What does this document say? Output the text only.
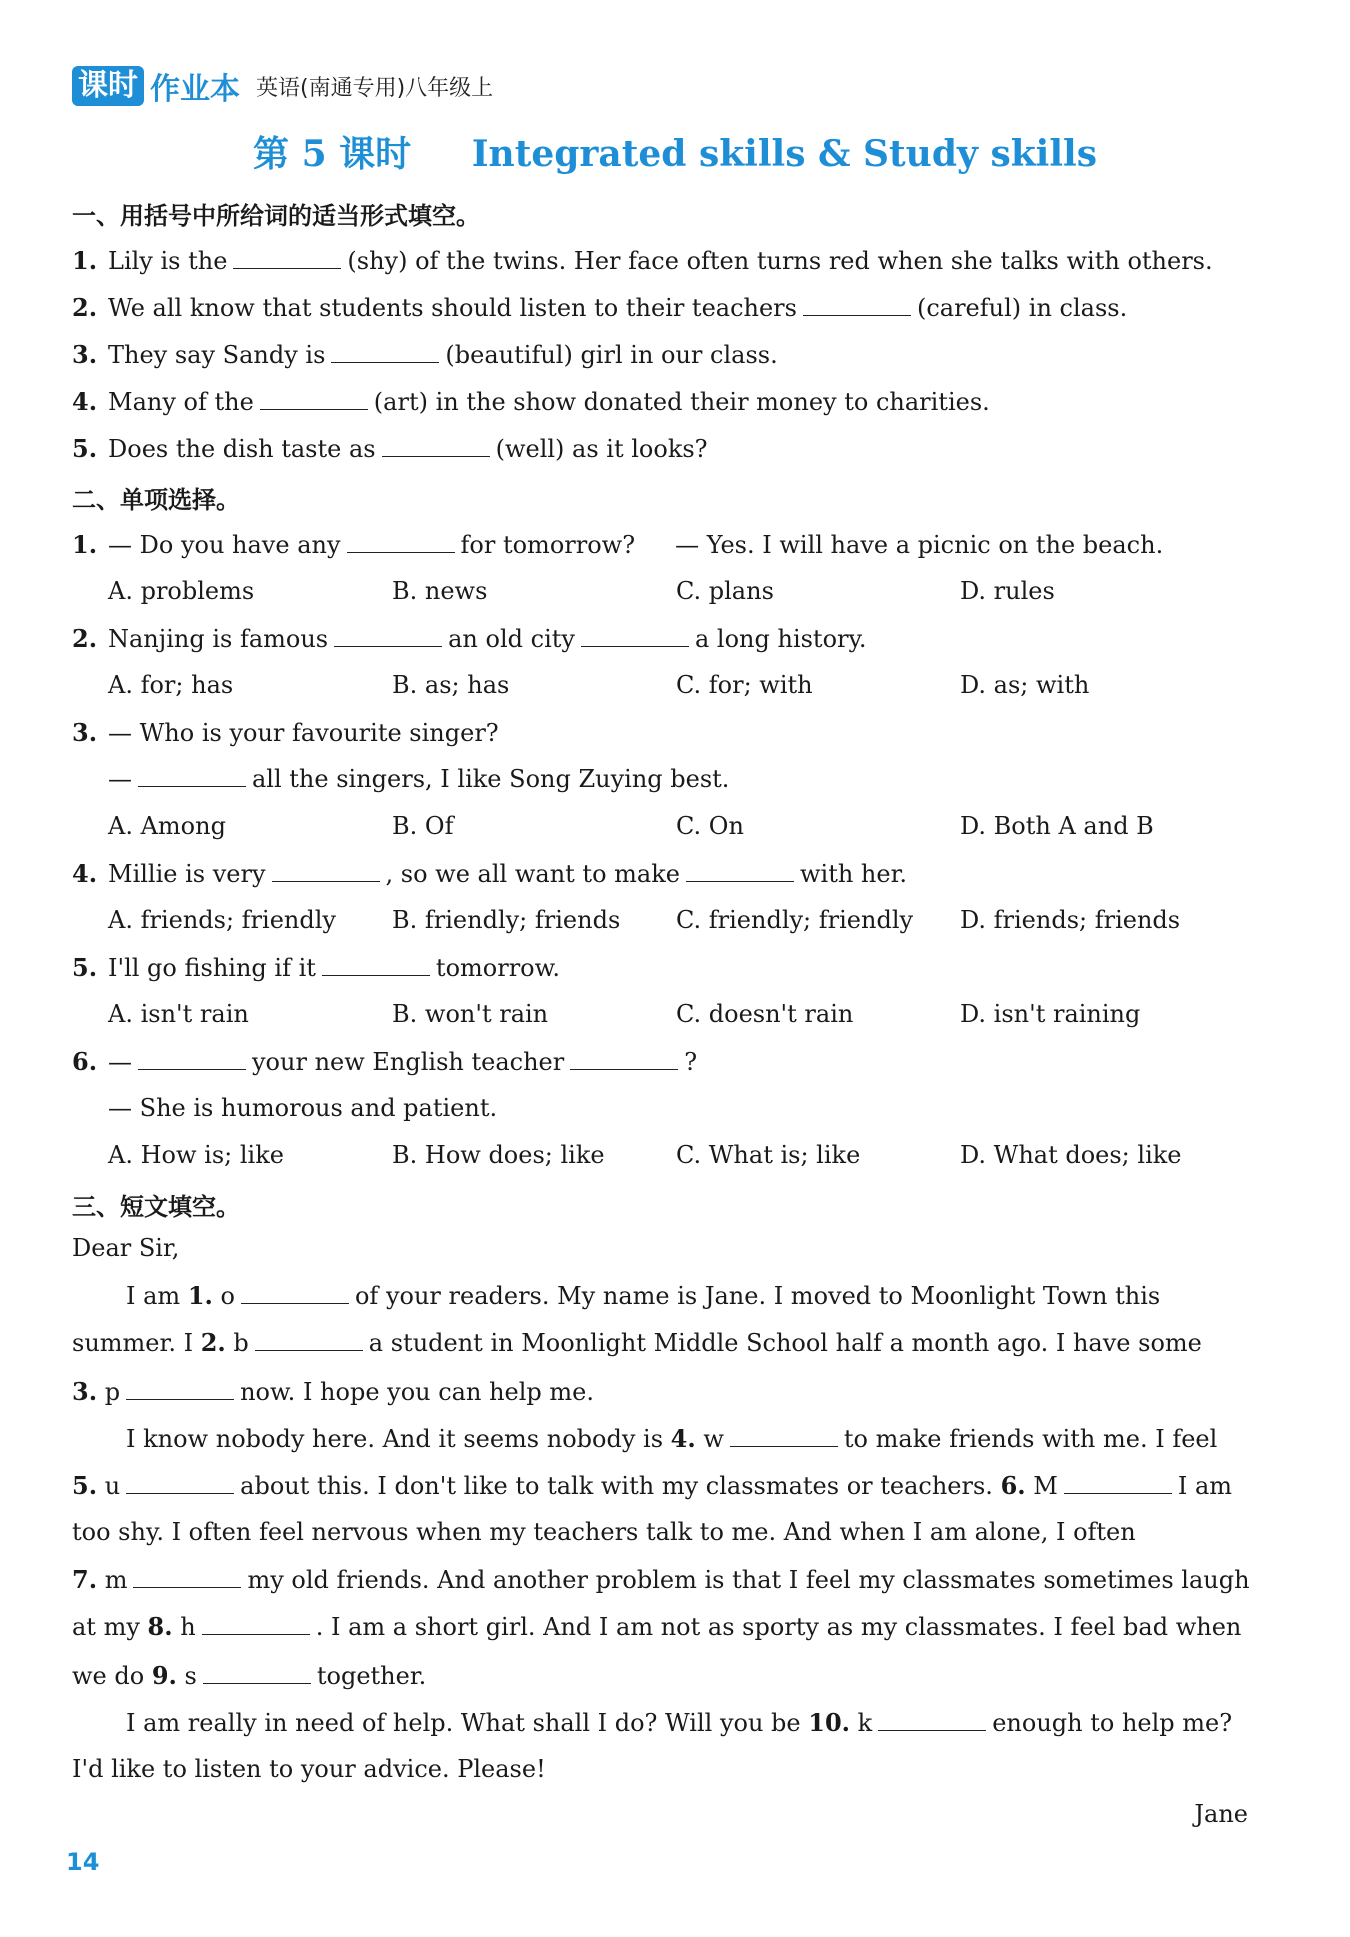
课时 作业本 英语(南通专用)八年级上
第 5 课时 Integrated skills & Study skills
一、用括号中所给词的适当形式填空。
1. Lily is the	(shy) of the twins. Her face often turns red when she talks with others.
2. We all know that students should listen to their teachers	(careful) in class.
3. They say Sandy is	(beautiful) girl in our class.
4. Many of the	(art) in the show donated their money to charities.
5. Does the dish taste as	(well) as it looks?
二、单项选择。
1. — Do you have any	for tomorrow? — Yes. I will have a picnic on the beach.
A. problems	B. news	C. plans	D. rules
2. Nanjing is famous	an old city	a long history.
A. for; has	B. as; has	C. for; with	D. as; with
3. — Who is your favourite singer?
—	all the singers, I like Song Zuying best.
A. Among	B. Of	C. On	D. Both A and B
4. Millie is very	, so we all want to make	with her.
A. friends; friendly B. friendly; friends C. friendly; friendly D. friends; friends
5. I'll go fishing if it	tomorrow.
A. isn't rain	B. won't rain	C. doesn't rain	D. isn't raining
6. —	your new English teacher	?
— She is humorous and patient.
A. How is; like	B. How does; like	C. What is; like	D. What does; like
三、短文填空。
Dear Sir,
I am 1. o	of your readers. My name is Jane. I moved to Moonlight Town this
summer. I 2. b	a student in Moonlight Middle School half a month ago. I have some
3. p	now. I hope you can help me.
I know nobody here. And it seems nobody is 4. w	to make friends with me. I feel
5. u	about this. I don't like to talk with my classmates or teachers. 6. M	I am
too shy. I often feel nervous when my teachers talk to me. And when I am alone, I often
7. m	my old friends. And another problem is that I feel my classmates sometimes laugh
at my 8. h	. I am a short girl. And I am not as sporty as my classmates. I feel bad when
we do 9. s	together.
I am really in need of help. What shall I do? Will you be 10. k	enough to help me?
I'd like to listen to your advice. Please!
Jane
14
